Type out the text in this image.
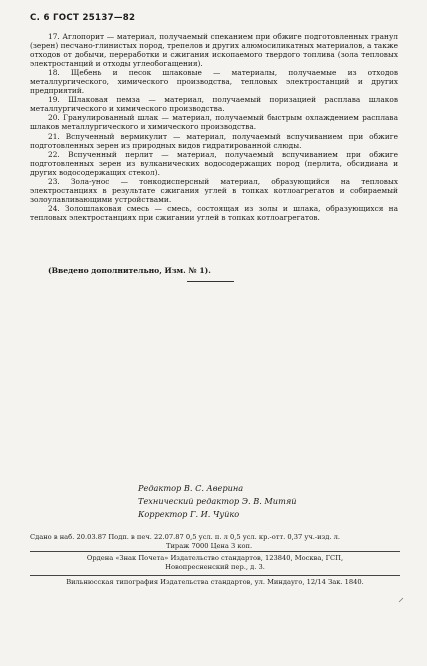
С. 6 ГОСТ 25137—82

17. Аглопорит — материал, получаемый спеканием при обжиге подготовленных гранул (зерен) песчано-глинистых пород, трепелов и других алюмосиликатных материалов, а также отходов от добычи, переработки и сжигания ископаемого твердого топлива (зола тепловых электростанций и отходы углеобогащения).

18. Щебень и песок шлаковые — материалы, получаемые из отходов металлургического, химического производства, тепловых электростанций и других предприятий.

19. Шлаковая пемза — материал, получаемый поризацией расплава шлаков металлургического и химического производства.

20. Гранулированный шлак — материал, получаемый быстрым охлаждением расплава шлаков металлургического и химического производства.

21. Вспученный вермикулит — материал, получаемый вспучиванием при обжиге подготовленных зерен из природных видов гидратированной слюды.

22. Вспученный перлит — материал, получаемый вспучиванием при обжиге подготовленных зерен из вулканических водосодержащих пород (перлита, обсидиана и других водосодержащих стекол).

23. Зола-унос — тонкодисперсный материал, образующийся на тепловых электростанциях в результате сжигания углей в топках котлоагрегатов и собираемый золоулавливающими устройствами.

24. Золошлаковая смесь — смесь, состоящая из золы и шлака, образующихся на тепловых электростанциях при сжигании углей в топках котлоагрегатов.

(Введено дополнительно, Изм. № 1).
Редактор В. С. Аверина
Технический редактор Э. В. Митяй
Корректор Г. И. Чуйко
Сдано в наб. 20.03.87 Подп. в печ. 22.07.87 0,5 усл. п. л 0,5 усл. кр.-отт. 0,37 уч.-изд. л.
Тираж 7000 Цена 3 коп.
Ордена «Знак Почета» Издательство стандартов, 123840, Москва, ГСП,
Новопресненский пер., д. 3.
Вильнюсская типография Издательства стандартов, ул. Миндауго, 12/14 Зак. 1840.
